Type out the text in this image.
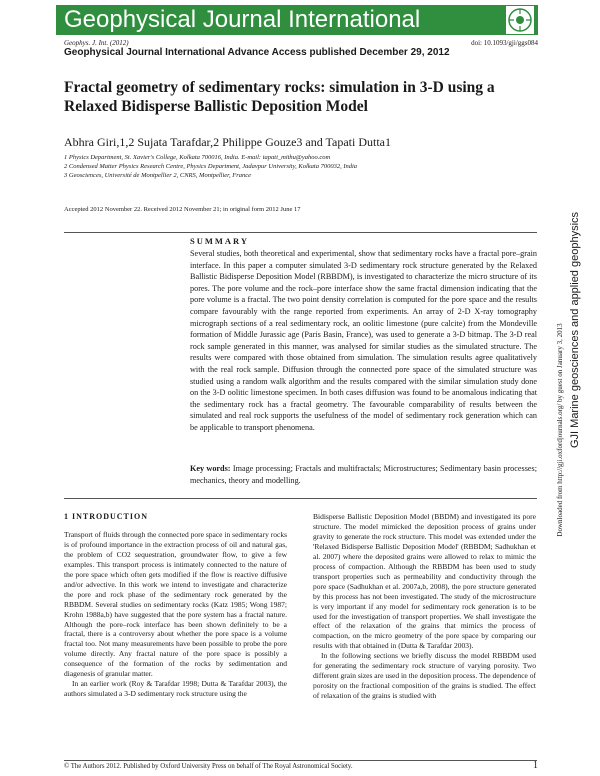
Geophysical Journal International
Geophys. J. Int. (2012)	doi: 10.1093/gji/ggs084
Geophysical Journal International Advance Access published December 29, 2012
Fractal geometry of sedimentary rocks: simulation in 3-D using a Relaxed Bidisperse Ballistic Deposition Model
Abhra Giri,1,2 Sujata Tarafdar,2 Philippe Gouze3 and Tapati Dutta1
1 Physics Department, St. Xavier's College, Kolkata 700016, India. E-mail: tapati_mithu@yahoo.com
2 Condensed Matter Physics Research Centre, Physics Department, Jadavpur University, Kolkata 700032, India
3 Geosciences, Université de Montpellier 2, CNRS, Montpellier, France
Accepted 2012 November 22. Received 2012 November 21; in original form 2012 June 17
SUMMARY
Several studies, both theoretical and experimental, show that sedimentary rocks have a fractal pore–grain interface. In this paper a computer simulated 3-D sedimentary rock structure generated by the Relaxed Ballistic Bidisperse Deposition Model (RBBDM), is investigated to characterize the micro structure of its pores. The pore volume and the rock–pore interface show the same fractal dimension indicating that the pore volume is a fractal. The two point density correlation is computed for the pore space and the results compare favourably with the range reported from experiments. An array of 2-D X-ray tomography micrograph sections of a real sedimentary rock, an oolitic limestone (pure calcite) from the Mondeville formation of Middle Jurassic age (Paris Basin, France), was used to generate a 3-D bitmap. The 3-D real rock sample generated in this manner, was analysed for similar studies as the simulated structure. The results were compared with those obtained from simulation. The simulation results agree qualitatively with the real rock sample. Diffusion through the connected pore space of the simulated structure was studied using a random walk algorithm and the results compared with the similar simulation study done on the 3-D oolitic limestone specimen. In both cases diffusion was found to be anomalous indicating that the sedimentary rock has a fractal geometry. The favourable comparability of results between the simulated and real rock supports the usefulness of the model of sedimentary rock generation which can be applicable to transport phenomena.
Key words: Image processing; Fractals and multifractals; Microstructures; Sedimentary basin processes; mechanics, theory and modelling.
1 INTRODUCTION

Transport of fluids through the connected pore space in sedimentary rocks is of profound importance in the extraction process of oil and natural gas, the problem of CO2 sequestration, groundwater flow, to give a few examples. This transport process is intimately connected to the nature of the pore space which often gets modified if the flow is reactive diffusive and/or advective. In this work we intend to investigate and characterize the pore and rock phase of the sedimentary rock generated by the RBBDM. Several studies on sedimentary rocks (Katz 1985; Wong 1987; Krohn 1988a,b) have suggested that the pore system has a fractal nature. Although the pore–rock interface has been shown definitely to be a fractal, there is a controversy about whether the pore space is a volume fractal too. Not many measurements have been possible to probe the pore volume directly. Any fractal nature of the pore space is possibly a consequence of the formation of the rocks by sedimentation and diagenesis of granular matter.

In an earlier work (Roy & Tarafdar 1998; Dutta & Tarafdar 2003), the authors simulated a 3-D sedimentary rock structure using the

Bidisperse Ballistic Deposition Model (BBDM) and investigated its pore structure. The model mimicked the deposition process of grains under gravity to generate the rock structure. This model was extended under the 'Relaxed Bidisperse Ballistic Deposition Model' (RBBDM; Sadhukhan et al. 2007) where the deposited grains were allowed to relax to mimic the process of compaction. Although the RBBDM has been used to study transport properties such as permeability and conductivity through the pore space (Sadhukhan et al. 2007a,b, 2008), the pore structure generated by this process has not been investigated. The study of the microstructure is very important if any model for sedimentary rock generation is to be used for the investigation of transport properties. We shall investigate the effect of the relaxation of the grains that mimics the process of compaction, on the micro geometry of the pore space by comparing our results with that obtained in (Dutta & Tarafdar 2003).

In the following sections we briefly discuss the model RBBDM used for generating the sedimentary rock structure of varying porosity. Two different grain sizes are used in the deposition process. The dependence of porosity on the fractional composition of the grains is studied. The effect of relaxation of the grains is studied with

© The Authors 2012. Published by Oxford University Press on behalf of The Royal Astronomical Society.	1
GJI Marine geosciences and applied geophysics
Downloaded from http://gji.oxfordjournals.org/ by guest on January 3, 2013
